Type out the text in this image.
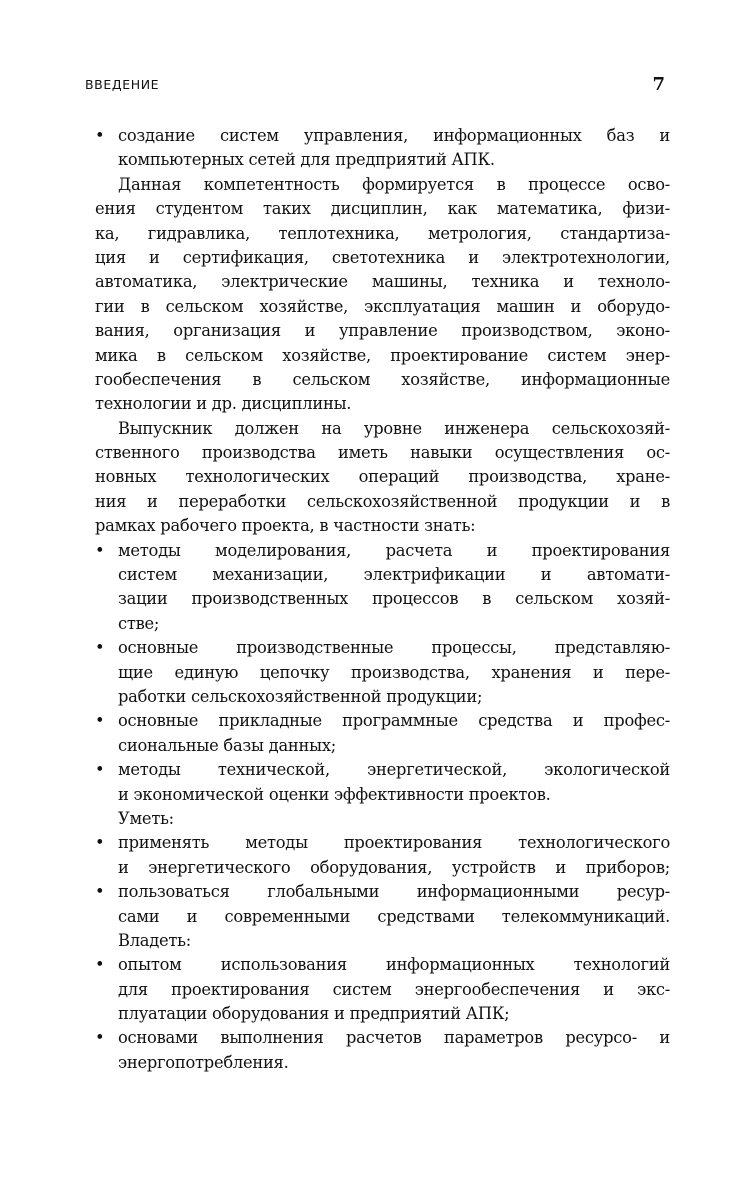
ВВЕДЕНИЕ	7
• создание систем управления, информационных баз и
компьютерных сетей для предприятий АПК.
Данная компетентность формируется в процессе осво-
ения студентом таких дисциплин, как математика, физи-
ка, гидравлика, теплотехника, метрология, стандартиза-
ция и сертификация, светотехника и электротехнологии,
автоматика, электрические машины, техника и техноло-
гии в сельском хозяйстве, эксплуатация машин и оборудо-
вания, организация и управление производством, эконо-
мика в сельском хозяйстве, проектирование систем энер-
гообеспечения в сельском хозяйстве, информационные
технологии и др. дисциплины.
Выпускник должен на уровне инженера сельскохозяй-
ственного производства иметь навыки осуществления ос-
новных технологических операций производства, хране-
ния и переработки сельскохозяйственной продукции и в
рамках рабочего проекта, в частности знать:
• методы моделирования, расчета и проектирования
систем механизации, электрификации и автомати-
зации производственных процессов в сельском хозяй-
стве;
• основные производственные процессы, представляю-
щие единую цепочку производства, хранения и пере-
работки сельскохозяйственной продукции;
• основные прикладные программные средства и профес-
сиональные базы данных;
• методы технической, энергетической, экологической
и экономической оценки эффективности проектов.
Уметь:
• применять методы проектирования технологического
и энергетического оборудования, устройств и приборов;
• пользоваться глобальными информационными ресур-
сами и современными средствами телекоммуникаций.
Владеть:
• опытом использования информационных технологий
для проектирования систем энергообеспечения и экс-
плуатации оборудования и предприятий АПК;
• основами выполнения расчетов параметров ресурсо- и
энергопотребления.
